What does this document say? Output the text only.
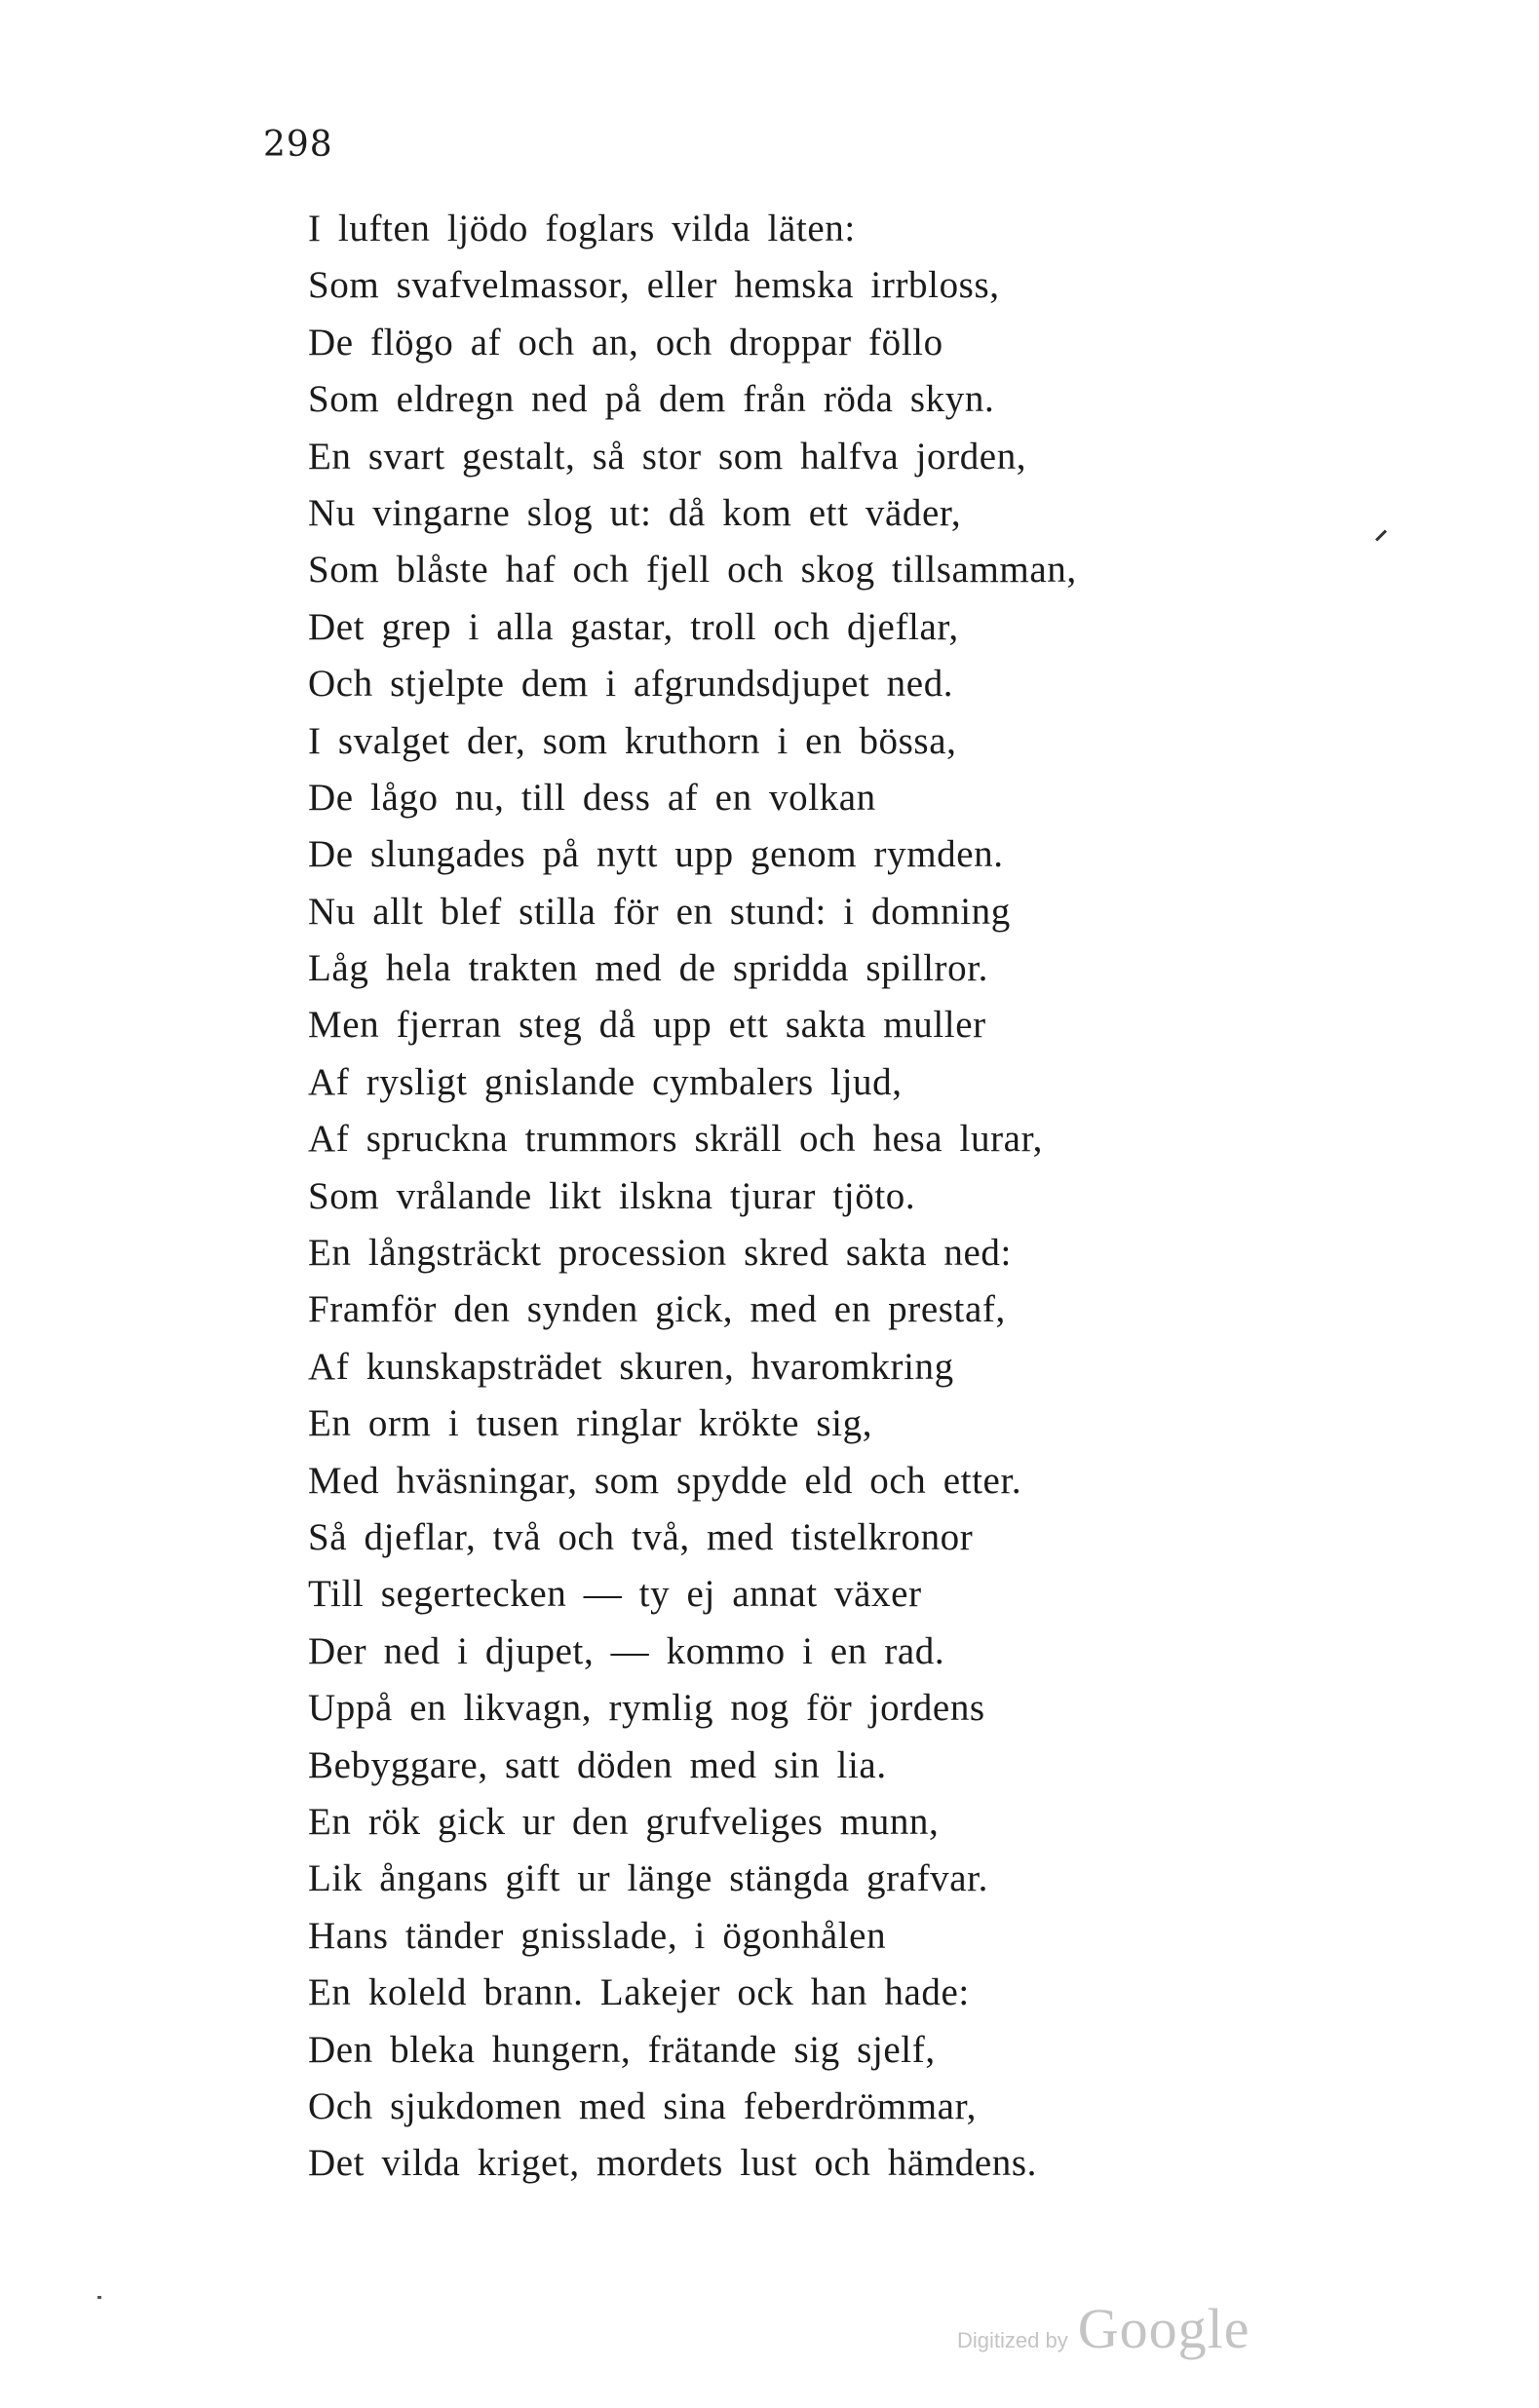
298
I luften ljödo foglars vilda läten:
Som svafvelmassor, eller hemska irrbloss,
De flögo af och an, och droppar föllo
Som eldregn ned på dem från röda skyn.
En svart gestalt, så stor som halfva jorden,
Nu vingarne slog ut: då kom ett väder,
Som blåste haf och fjell och skog tillsamman,
Det grep i alla gastar, troll och djeflar,
Och stjelpte dem i afgrundsdjupet ned.
I svalget der, som kruthorn i en bössa,
De lågo nu, till dess af en volkan
De slungades på nytt upp genom rymden.
Nu allt blef stilla för en stund: i domning
Låg hela trakten med de spridda spillror.
Men fjerran steg då upp ett sakta muller
Af rysligt gnislande cymbalers ljud,
Af spruckna trummors skräll och hesa lurar,
Som vrålande likt ilskna tjurar tjöto.
En långsträckt procession skred sakta ned:
Framför den synden gick, med en prestaf,
Af kunskapsträdet skuren, hvaromkring
En orm i tusen ringlar kröktе sig,
Med hväsningar, som spydde eld och etter.
Så djeflar, två och två, med tistelkronor
Till segertecken — ty ej annat växer
Der ned i djupet, — kommo i en rad.
Uppå en likvagn, rymlig nog för jordens
Bebyggare, satt döden med sin lia.
En rök gick ur den grufveliges munn,
Lik ångans gift ur länge stängda grafvar.
Hans tänder gnisslade, i ögonhålen
En koleld brann. Lakejer ock han hade:
Den bleka hungern, frätande sig sjelf,
Och sjukdomen med sina feberdrömmar,
Det vilda kriget, mordets lust och hämdens.
Digitized by Google
